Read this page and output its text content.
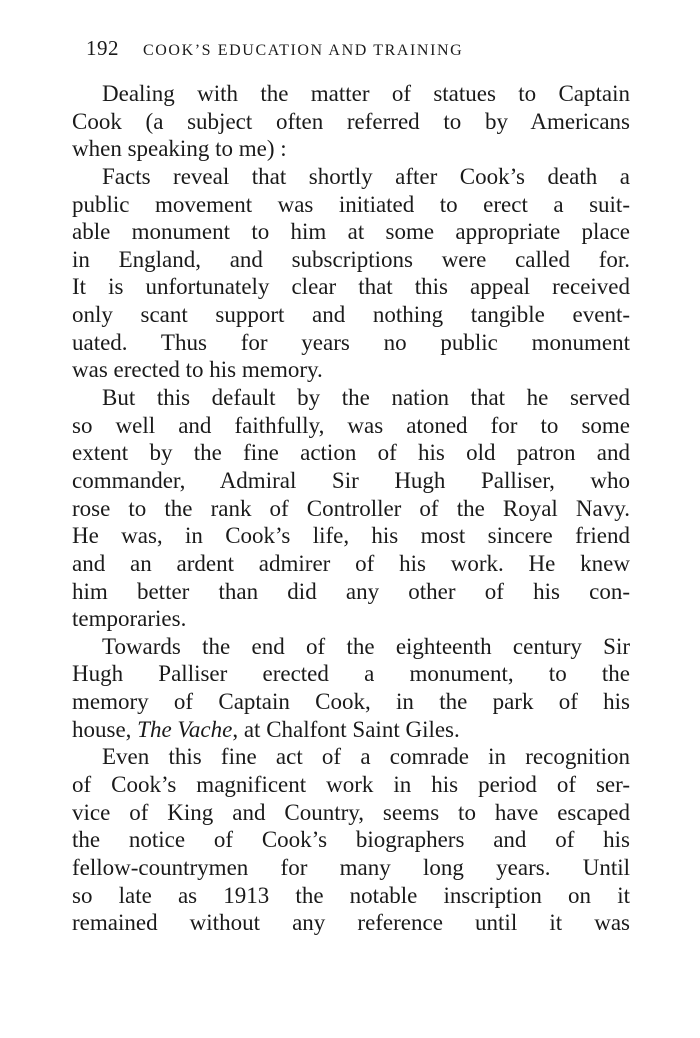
192 COOK’S EDUCATION AND TRAINING
Dealing with the matter of statues to Captain
Cook (a subject often referred to by Americans
when speaking to me) :
Facts reveal that shortly after Cook’s death a
public movement was initiated to erect a suit-
able monument to him at some appropriate place
in England, and subscriptions were called for.
It is unfortunately clear that this appeal received
only scant support and nothing tangible event-
uated. Thus for years no public monument
was erected to his memory.
But this default by the nation that he served
so well and faithfully, was atoned for to some
extent by the fine action of his old patron and
commander, Admiral Sir Hugh Palliser, who
rose to the rank of Controller of the Royal Navy.
He was, in Cook’s life, his most sincere friend
and an ardent admirer of his work. He knew
him better than did any other of his con-
temporaries.
Towards the end of the eighteenth century Sir
Hugh Palliser erected a monument, to the
memory of Captain Cook, in the park of his
house, The Vache, at Chalfont Saint Giles.
Even this fine act of a comrade in recognition
of Cook’s magnificent work in his period of ser-
vice of King and Country, seems to have escaped
the notice of Cook’s biographers and of his
fellow-countrymen for many long years. Until
so late as 1913 the notable inscription on it
remained without any reference until it was
